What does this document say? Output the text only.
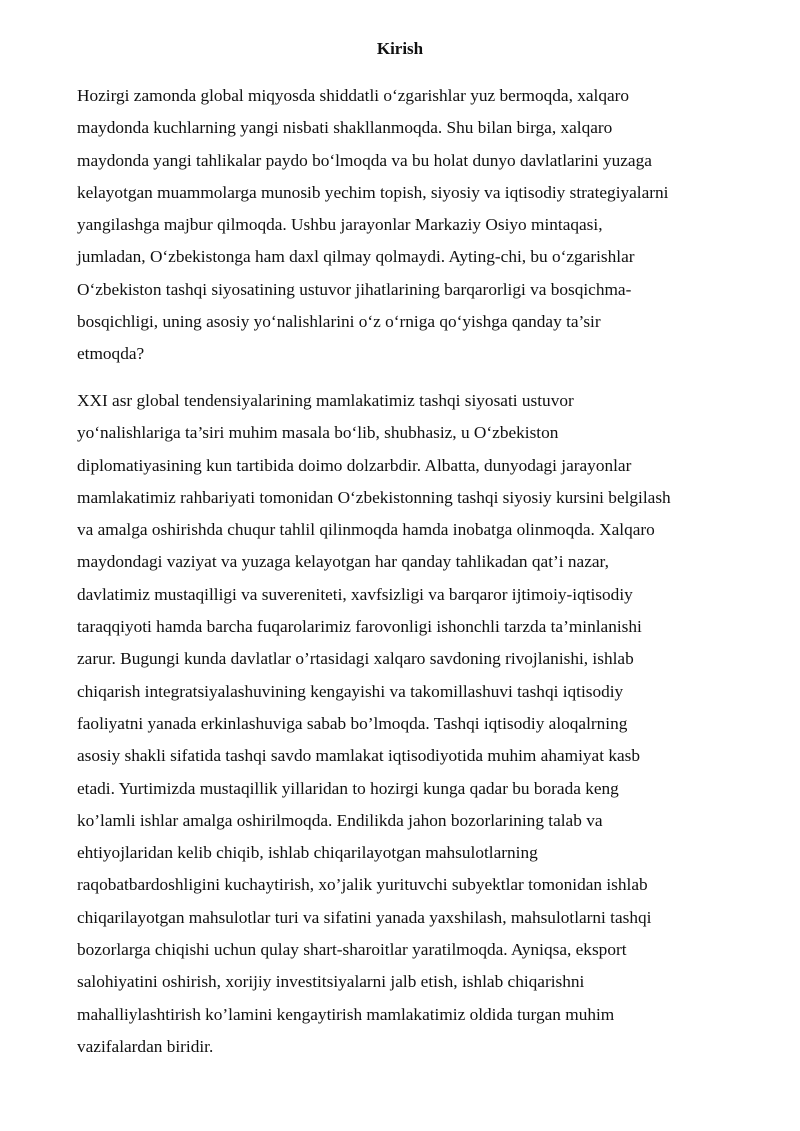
Kirish
Hozirgi zamonda global miqyosda shiddatli o‘zgarishlar yuz bermoqda, xalqaro
maydonda kuchlarning yangi nisbati shakllanmoqda. Shu bilan birga, xalqaro
maydonda yangi tahlikalar paydo bo‘lmoqda va bu holat dunyo davlatlarini yuzaga
kelayotgan muammolarga munosib yechim topish, siyosiy va iqtisodiy strategiyalarni
yangilashga majbur qilmoqda. Ushbu jarayonlar Markaziy Osiyo mintaqasi,
jumladan, O‘zbekistonga ham daxl qilmay qolmaydi. Ayting-chi, bu o‘zgarishlar
O‘zbekiston tashqi siyosatining ustuvor jihatlarining barqarorligi va bosqichma-
bosqichligi, uning asosiy yo‘nalishlarini o‘z o‘rniga qo‘yishga qanday ta’sir
etmoqda?
XXI asr global tendensiyalarining mamlakatimiz tashqi siyosati ustuvor
yo‘nalishlariga ta’siri muhim masala bo‘lib, shubhasiz, u O‘zbekiston
diplomatiyasining kun tartibida doimo dolzarbdir. Albatta, dunyodagi jarayonlar
mamlakatimiz rahbariyati tomonidan O‘zbekistonning tashqi siyosiy kursini belgilash
va amalga oshirishda chuqur tahlil qilinmoqda hamda inobatga olinmoqda. Xalqaro
maydondagi vaziyat va yuzaga kelayotgan har qanday tahlikadan qat’i nazar,
davlatimiz mustaqilligi va suvereniteti, xavfsizligi va barqaror ijtimoiy-iqtisodiy
taraqqiyoti hamda barcha fuqarolarimiz farovonligi ishonchli tarzda ta’minlanishi
zarur. Bugungi kunda davlatlar o’rtasidagi xalqaro savdoning rivojlanishi, ishlab
chiqarish integratsiyalashuvining kengayishi va takomillashuvi tashqi iqtisodiy
faoliyatni yanada erkinlashuviga sabab bo’lmoqda. Tashqi iqtisodiy aloqalrning
asosiy shakli sifatida tashqi savdo mamlakat iqtisodiyotida muhim ahamiyat kasb
etadi. Yurtimizda mustaqillik yillaridan to hozirgi kunga qadar bu borada keng
ko’lamli ishlar amalga oshirilmoqda. Endilikda jahon bozorlarining talab va
ehtiyojlaridan kelib chiqib, ishlab chiqarilayotgan mahsulotlarning
raqobatbardoshligini kuchaytirish, xo’jalik yurituvchi subyektlar tomonidan ishlab
chiqarilayotgan mahsulotlar turi va sifatini yanada yaxshilash, mahsulotlarni tashqi
bozorlarga chiqishi uchun qulay shart-sharoitlar yaratilmoqda. Ayniqsa, eksport
salohiyatini oshirish, xorijiy investitsiyalarni jalb etish, ishlab chiqarishni
mahalliylashtirish ko’lamini kengaytirish mamlakatimiz oldida turgan muhim
vazifalardan biridir.
